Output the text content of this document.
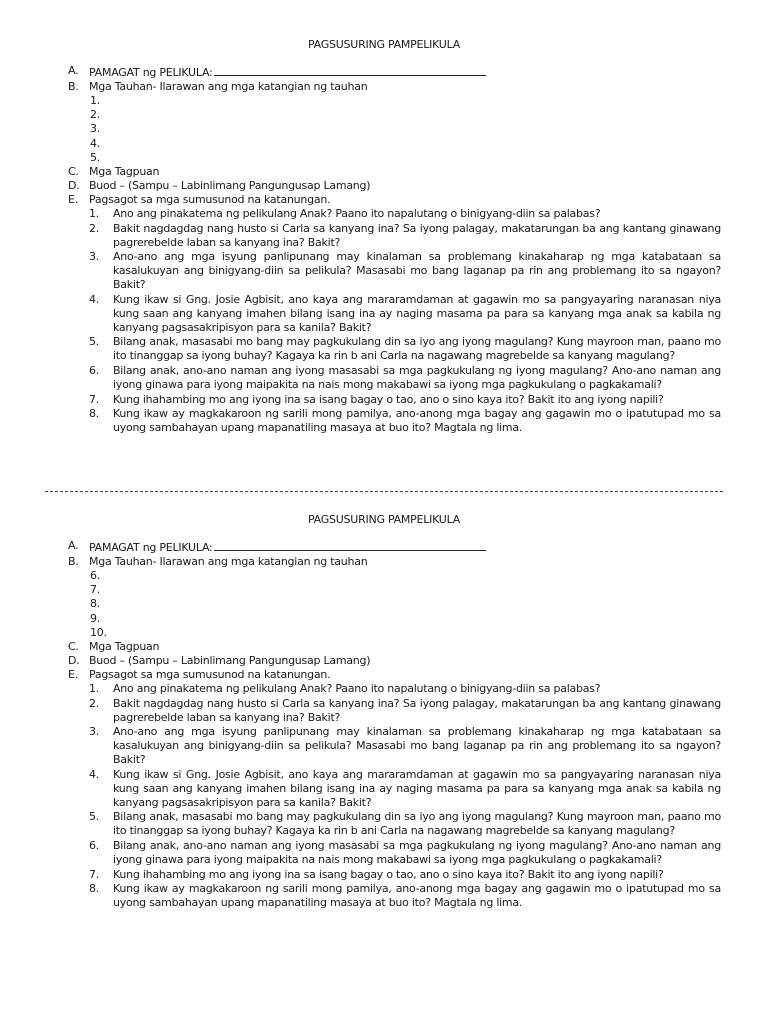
PAGSUSURING PAMPELIKULA
A. PAMAGAT ng PELIKULA:
B. Mga Tauhan- Ilarawan ang mga katangian ng tauhan
1.
2.
3.
4.
5.
C. Mga Tagpuan
D. Buod – (Sampu – Labinlimang Pangungusap Lamang)
E. Pagsagot sa mga sumusunod na katanungan.
1. Ano ang pinakatema ng pelikulang Anak? Paano ito napalutang o binigyang-diin sa palabas?
2. Bakit nagdagdag nang husto si Carla sa kanyang ina? Sa iyong palagay, makatarungan ba ang kantang ginawang pagrerebelde laban sa kanyang ina? Bakit?
3. Ano-ano ang mga isyung panlipunang may kinalaman sa problemang kinakaharap ng mga katabataan sa kasalukuyan ang binigyang-diin sa pelikula? Masasabi mo bang laganap pa rin ang problemang ito sa ngayon? Bakit?
4. Kung ikaw si Gng. Josie Agbisit, ano kaya ang mararamdaman at gagawin mo sa pangyayaring naranasan niya kung saan ang kanyang imahen bilang isang ina ay naging masama pa para sa kanyang mga anak sa kabila ng kanyang pagsasakripisyon para sa kanila? Bakit?
5. Bilang anak, masasabi mo bang may pagkukulang din sa iyo ang iyong magulang? Kung mayroon man, paano mo ito tinanggap sa iyong buhay? Kagaya ka rin b ani Carla na nagawang magrebelde sa kanyang magulang?
6. Bilang anak, ano-ano naman ang iyong masasabi sa mga pagkukulang ng iyong magulang? Ano-ano naman ang iyong ginawa para iyong maipakita na nais mong makabawi sa iyong mga pagkukulang o pagkakamali?
7. Kung ihahambing mo ang iyong ina sa isang bagay o tao, ano o sino kaya ito? Bakit ito ang iyong napili?
8. Kung ikaw ay magkakaroon ng sarili mong pamilya, ano-anong mga bagay ang gagawin mo o ipatutupad mo sa uyong sambahayan upang mapanatiling masaya at buo ito? Magtala ng lima.
PAGSUSURING PAMPELIKULA
A. PAMAGAT ng PELIKULA:
B. Mga Tauhan- Ilarawan ang mga katangian ng tauhan
6.
7.
8.
9.
10.
C. Mga Tagpuan
D. Buod – (Sampu – Labinlimang Pangungusap Lamang)
E. Pagsagot sa mga sumusunod na katanungan.
1. Ano ang pinakatema ng pelikulang Anak? Paano ito napalutang o binigyang-diin sa palabas?
2. Bakit nagdagdag nang husto si Carla sa kanyang ina? Sa iyong palagay, makatarungan ba ang kantang ginawang pagrerebelde laban sa kanyang ina? Bakit?
3. Ano-ano ang mga isyung panlipunang may kinalaman sa problemang kinakaharap ng mga katabataan sa kasalukuyan ang binigyang-diin sa pelikula? Masasabi mo bang laganap pa rin ang problemang ito sa ngayon? Bakit?
4. Kung ikaw si Gng. Josie Agbisit, ano kaya ang mararamdaman at gagawin mo sa pangyayaring naranasan niya kung saan ang kanyang imahen bilang isang ina ay naging masama pa para sa kanyang mga anak sa kabila ng kanyang pagsasakripisyon para sa kanila? Bakit?
5. Bilang anak, masasabi mo bang may pagkukulang din sa iyo ang iyong magulang? Kung mayroon man, paano mo ito tinanggap sa iyong buhay? Kagaya ka rin b ani Carla na nagawang magrebelde sa kanyang magulang?
6. Bilang anak, ano-ano naman ang iyong masasabi sa mga pagkukulang ng iyong magulang? Ano-ano naman ang iyong ginawa para iyong maipakita na nais mong makabawi sa iyong mga pagkukulang o pagkakamali?
7. Kung ihahambing mo ang iyong ina sa isang bagay o tao, ano o sino kaya ito? Bakit ito ang iyong napili?
8. Kung ikaw ay magkakaroon ng sarili mong pamilya, ano-anong mga bagay ang gagawin mo o ipatutupad mo sa uyong sambahayan upang mapanatiling masaya at buo ito? Magtala ng lima.
